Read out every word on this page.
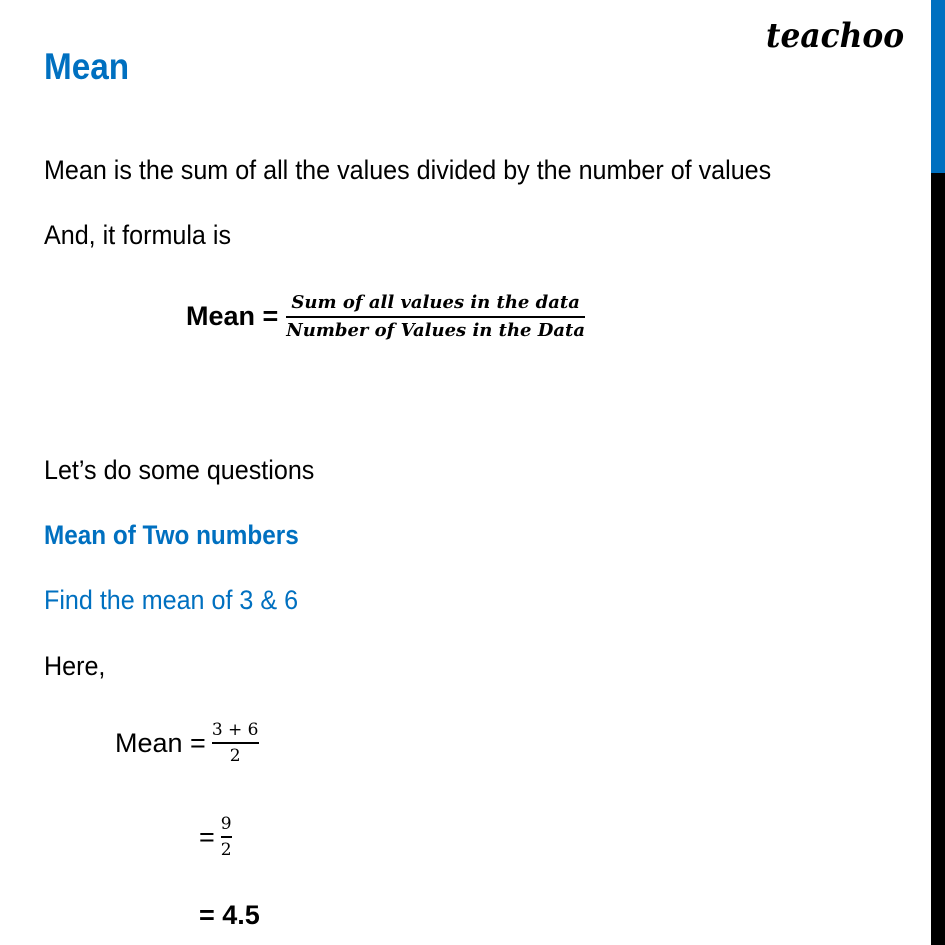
teachoo
Mean
Mean is the sum of all the values divided by the number of values
And, it formula is
Mean = $\frac{\text{Sum of all values in the data}}{\text{Number of Values in the Data}}$
Let’s do some questions
Mean of Two numbers
Find the mean of 3 & 6
Here,
Mean = $\frac{3 + 6}{2}$
= $\frac{9}{2}$
= 4.5
